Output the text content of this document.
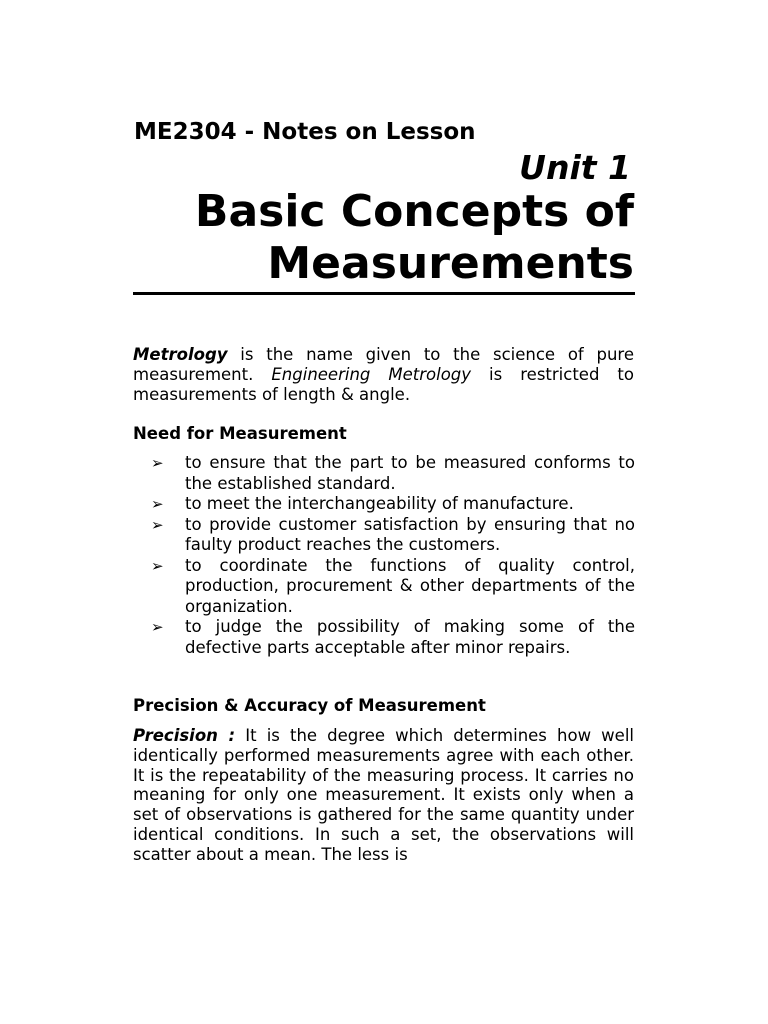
ME2304 - Notes on Lesson
Unit 1
Basic Concepts of
Measurements

Metrology is the name given to the science of pure measurement. Engineering Metrology is restricted to measurements of length & angle.

Need for Measurement
➢ to ensure that the part to be measured conforms to the established standard.
➢ to meet the interchangeability of manufacture.
➢ to provide customer satisfaction by ensuring that no faulty product reaches the customers.
➢ to coordinate the functions of quality control, production, procurement & other departments of the organization.
➢ to judge the possibility of making some of the defective parts acceptable after minor repairs.
Precision & Accuracy of Measurement

Precision : It is the degree which determines how well identically performed measurements agree with each other. It is the repeatability of the measuring process. It carries no meaning for only one measurement. It exists only when a set of observations is gathered for the same quantity under identical conditions. In such a set, the observations will scatter about a mean. The less is
